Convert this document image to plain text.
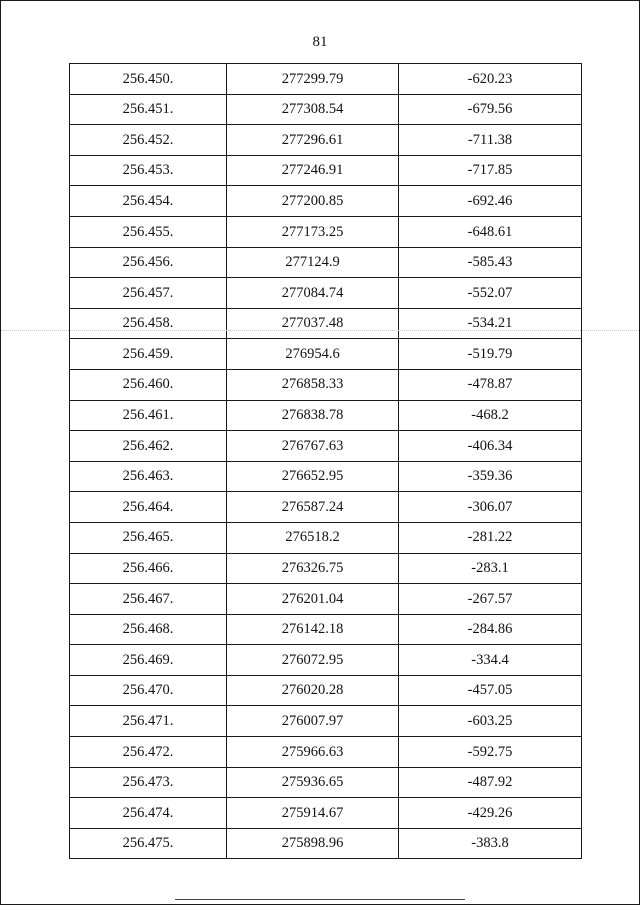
81
256.450.	277299.79	-620.23
256.451.	277308.54	-679.56
256.452.	277296.61	-711.38
256.453.	277246.91	-717.85
256.454.	277200.85	-692.46
256.455.	277173.25	-648.61
256.456.	277124.9	-585.43
256.457.	277084.74	-552.07
256.458.	277037.48	-534.21
256.459.	276954.6	-519.79
256.460.	276858.33	-478.87
256.461.	276838.78	-468.2
256.462.	276767.63	-406.34
256.463.	276652.95	-359.36
256.464.	276587.24	-306.07
256.465.	276518.2	-281.22
256.466.	276326.75	-283.1
256.467.	276201.04	-267.57
256.468.	276142.18	-284.86
256.469.	276072.95	-334.4
256.470.	276020.28	-457.05
256.471.	276007.97	-603.25
256.472.	275966.63	-592.75
256.473.	275936.65	-487.92
256.474.	275914.67	-429.26
256.475.	275898.96	-383.8
